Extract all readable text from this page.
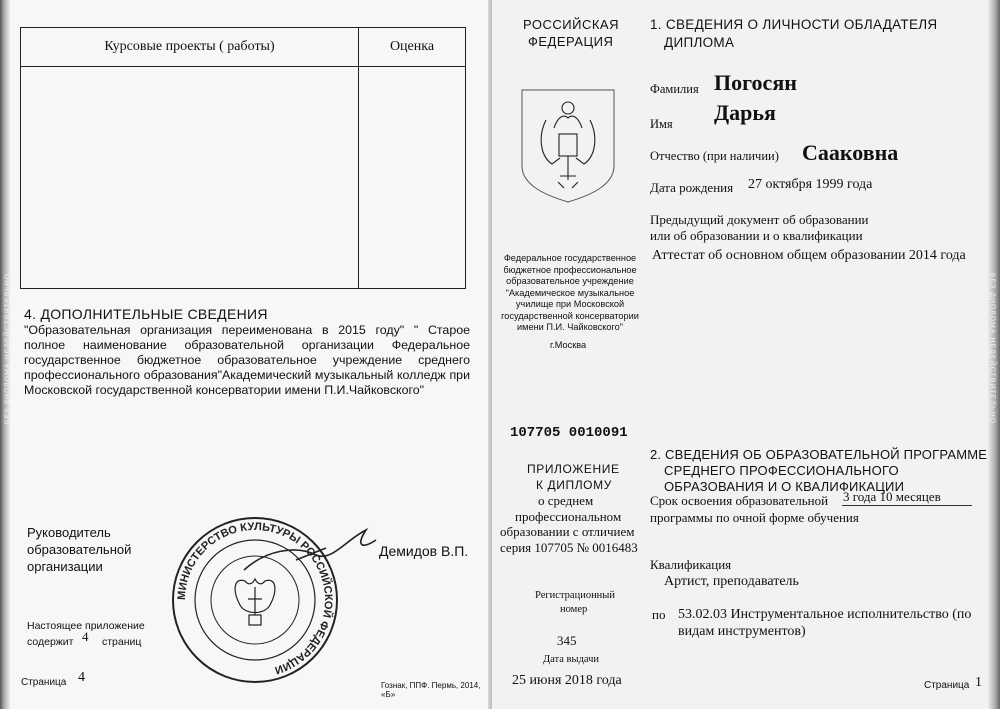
БЕЗ ДИПЛОМА НЕДЕЙСТВИТЕЛЬНО
Курсовые проекты ( работы)	Оценка

4. ДОПОЛНИТЕЛЬНЫЕ СВЕДЕНИЯ
"Образовательная организация переименована в 2015 году" " Старое полное наименование образовательной организации Федеральное государственное бюджетное образовательное учреждение среднего профессионального образования"Академический музыкальный колледж при Московской государственной консерватории имени П.И.Чайковского"
Руководитель
образовательной
организации
Демидов В.П.
МИНИСТЕРСТВО КУЛЬТУРЫ РОССИЙСКОЙ ФЕДЕРАЦИИ
Настоящее приложение
содержит 4 страниц
Страница 4
Гознак, ППФ. Пермь, 2014, «Б»
БЕЗ ДИПЛОМА НЕДЕЙСТВИТЕЛЬНО
РОССИЙСКАЯ
ФЕДЕРАЦИЯ
Федеральное государственное бюджетное профессиональное образовательное учреждение "Академическое музыкальное училище при Московской государственной консерватории имени П.И. Чайковского"
г.Москва
107705 0010091
ПРИЛОЖЕНИЕ
К ДИПЛОМУ
о среднем
профессиональном
образовании с отличием
серия 107705 № 0016483
Регистрационный
номер
345
Дата выдачи
25 июня 2018 года
1. СВЕДЕНИЯ О ЛИЧНОСТИ ОБЛАДАТЕЛЯ
ДИПЛОМА
Фамилия Погосян
Имя Дарья
Отчество (при наличии) Сааковна
Дата рождения 27 октября 1999 года
Предыдущий документ об образовании
или об образовании и о квалификации
Аттестат об основном общем образовании 2014 года
2. СВЕДЕНИЯ ОБ ОБРАЗОВАТЕЛЬНОЙ ПРОГРАММЕ
СРЕДНЕГО ПРОФЕССИОНАЛЬНОГО
ОБРАЗОВАНИЯ И О КВАЛИФИКАЦИИ
Срок освоения образовательной 3 года 10 месяцев
программы по очной форме обучения
Квалификация
Артист, преподаватель
по 53.02.03 Инструментальное исполнительство (по
видам инструментов)
Страница 1
